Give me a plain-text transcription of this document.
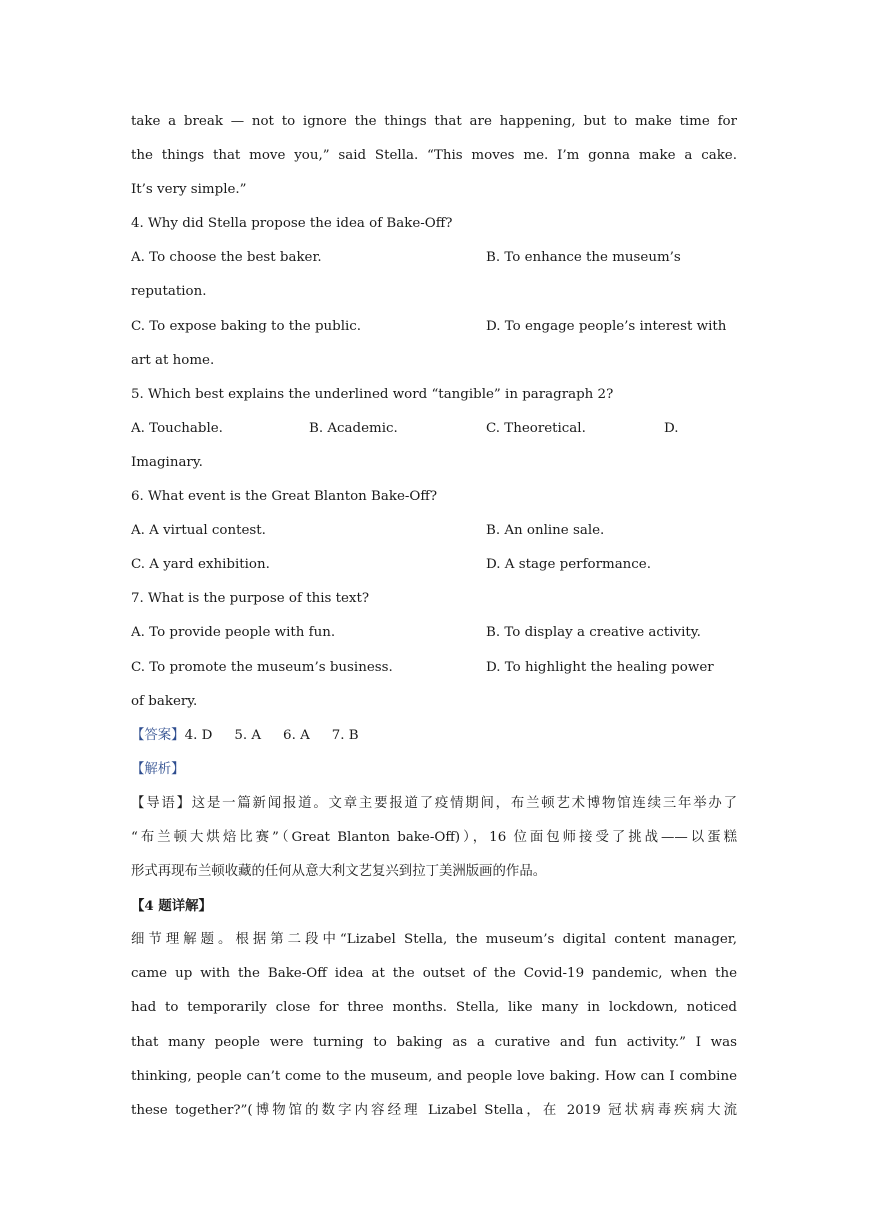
take a break — not to ignore the things that are happening, but to make time for
the things that move you,” said Stella. “This moves me. I’m gonna make a cake.
It’s very simple.”
4. Why did Stella propose the idea of Bake-Off?
A. To choose the best baker.	B. To enhance the museum’s
reputation.
C. To expose baking to the public.	D. To engage people’s interest with
art at home.
5. Which best explains the underlined word “tangible” in paragraph 2?
A. Touchable.	B. Academic.	C. Theoretical.	D.
Imaginary.
6. What event is the Great Blanton Bake-Off?
A. A virtual contest.	B. An online sale.
C. A yard exhibition.	D. A stage performance.
7. What is the purpose of this text?
A. To provide people with fun.	B. To display a creative activity.
C. To promote the museum’s business.	D. To highlight the healing power
of bakery.
【答案】4. D 5. A 6. A 7. B
【解析】
【导语】这是一篇新闻报道。文章主要报道了疫情期间，布兰顿艺术博物馆连续三年举办了
“布兰顿大烘焙比赛”（Great Blanton bake-Off)），16 位面包师接受了挑战——以蛋糕
形式再现布兰顿收藏的任何从意大利文艺复兴到拉丁美洲版画的作品。
【4 题详解】
细节理解题。根据第二段中“Lizabel Stella, the museum’s digital content manager,
came up with the Bake-Off idea at the outset of the Covid-19 pandemic, when the
had to temporarily close for three months. Stella, like many in lockdown, noticed
that many people were turning to baking as a curative and fun activity.” I was
thinking, people can’t come to the museum, and people love baking. How can I combine
these together?”(博物馆的数字内容经理 Lizabel Stella，在 2019 冠状病毒疾病大流
